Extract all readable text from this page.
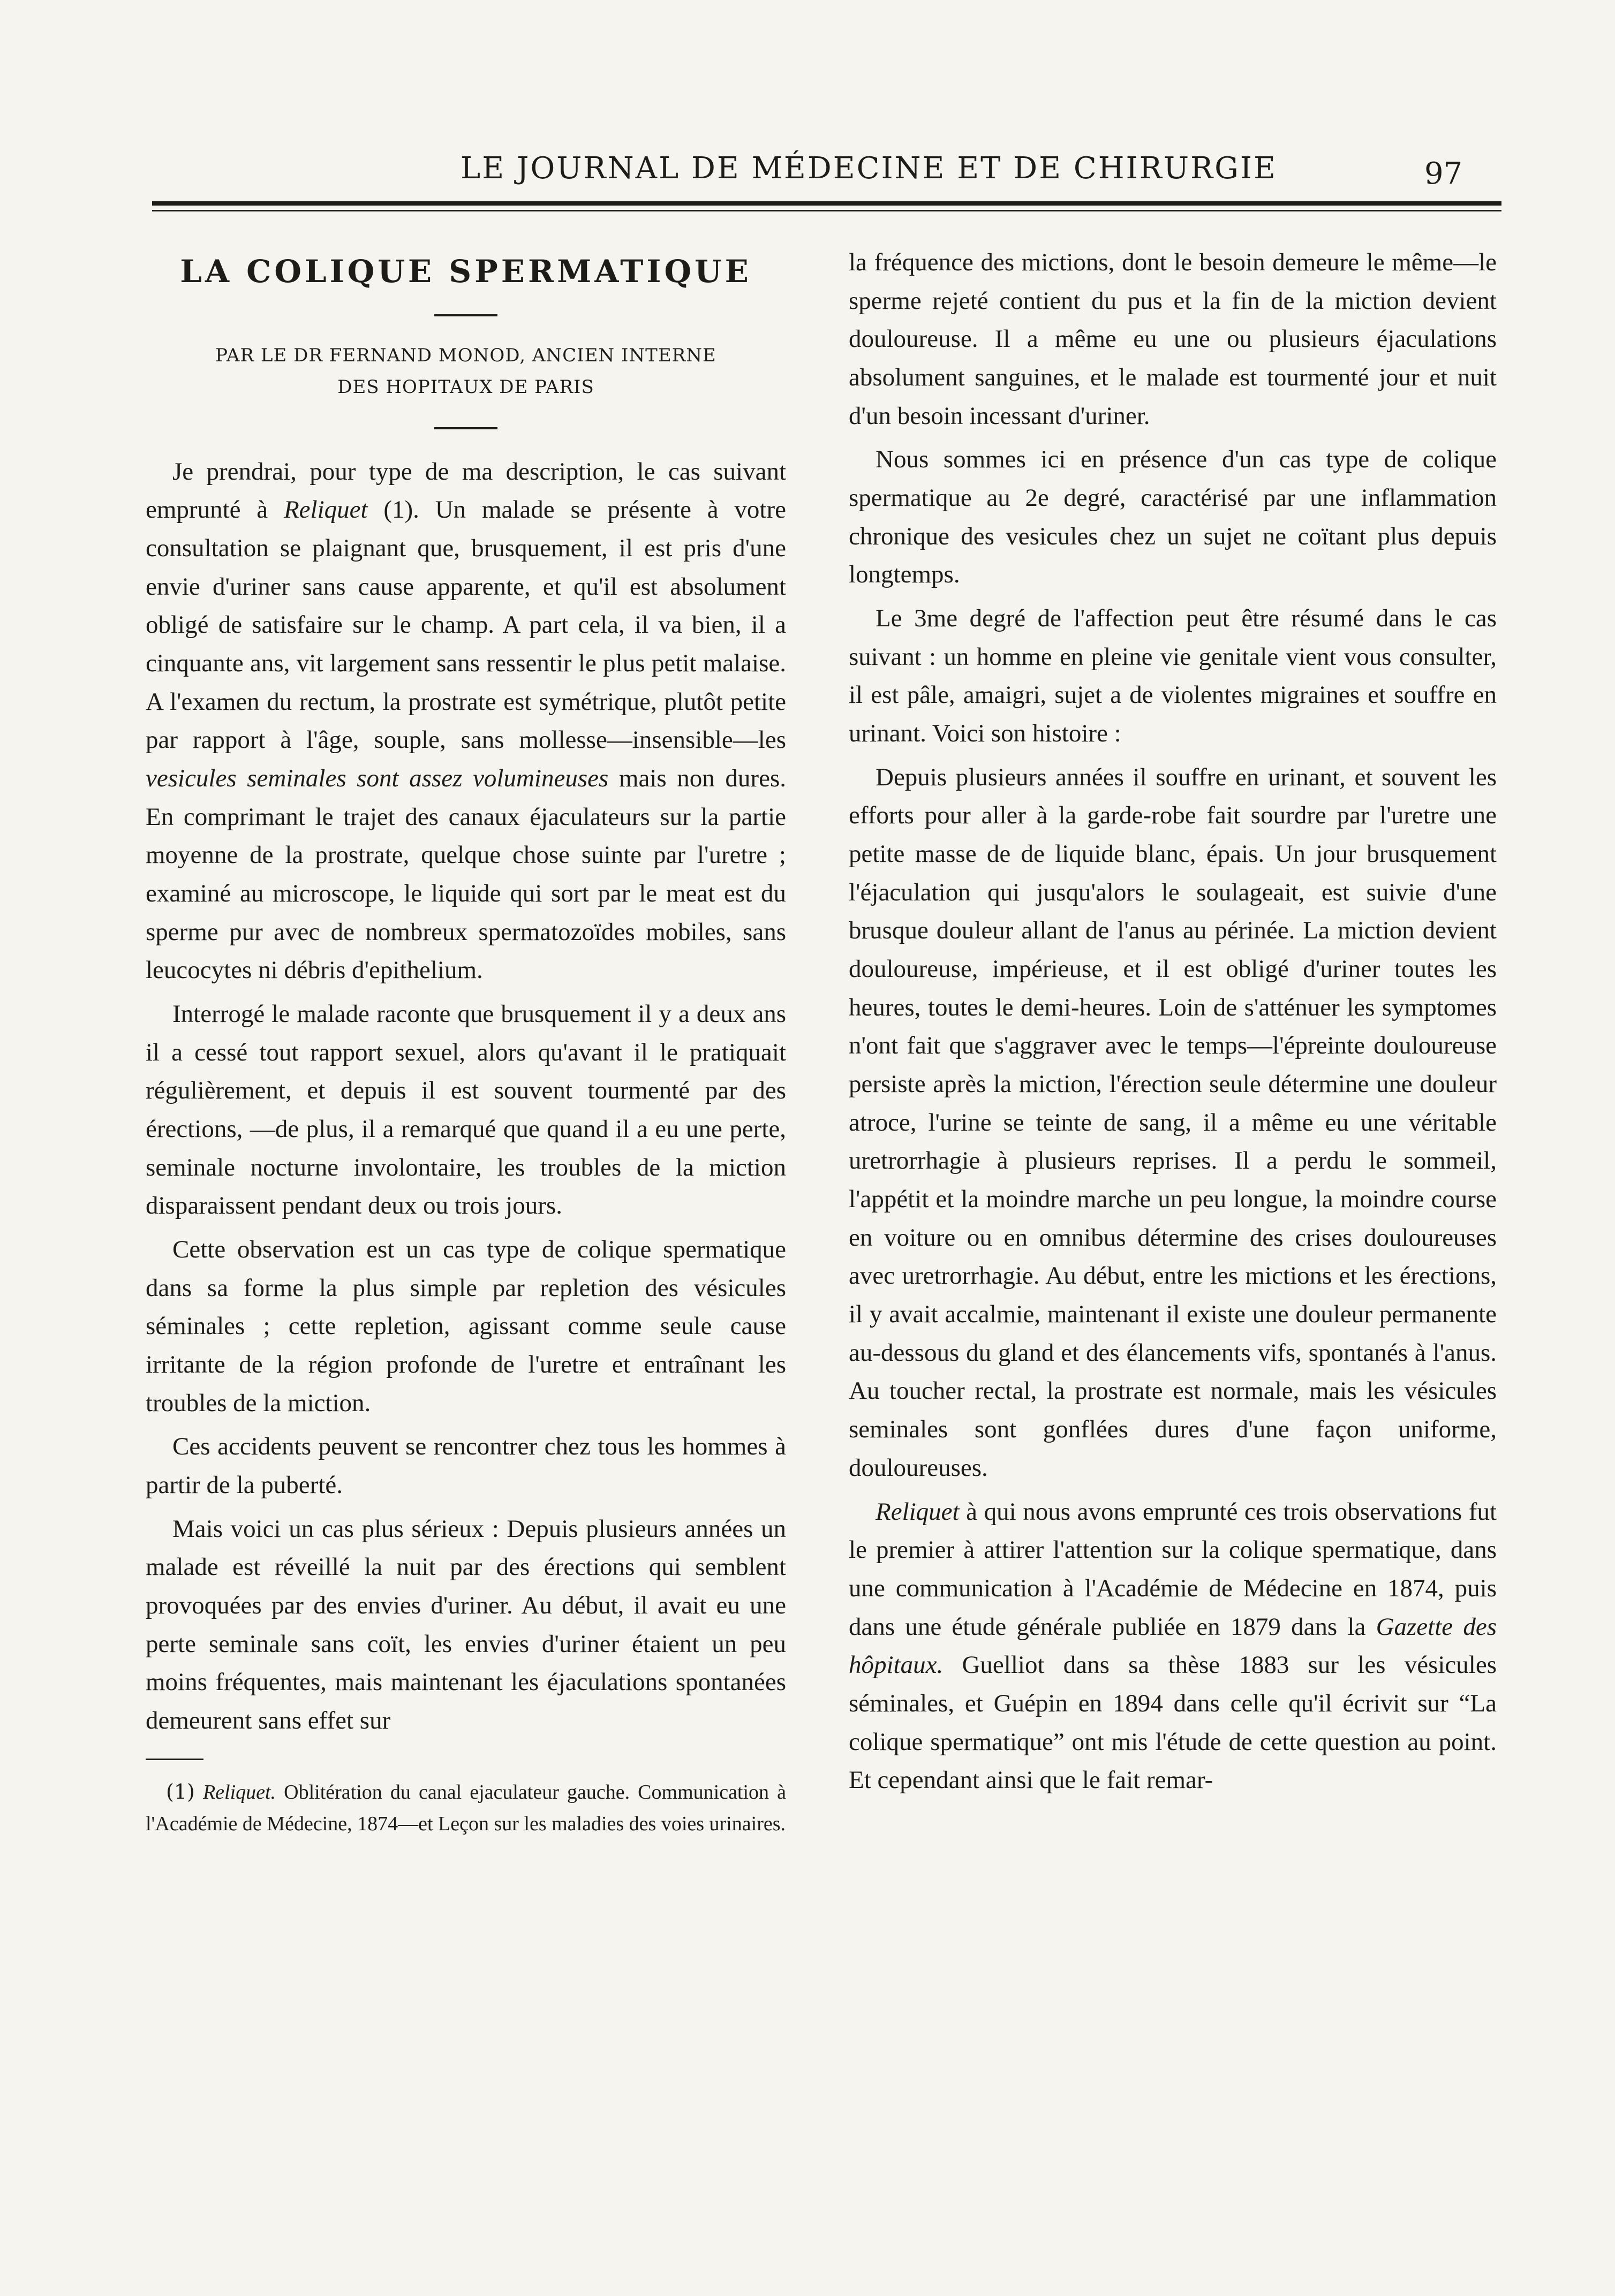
LE JOURNAL DE MÉDECINE ET DE CHIRURGIE	97
LA COLIQUE SPERMATIQUE
PAR LE DR FERNAND MONOD, ANCIEN INTERNE
DES HOPITAUX DE PARIS

Je prendrai, pour type de ma description, le cas suivant emprunté à Reliquet (1). Un malade se présente à votre consultation se plaignant que, brusquement, il est pris d'une envie d'uriner sans cause apparente, et qu'il est absolument obligé de satisfaire sur le champ. A part cela, il va bien, il a cinquante ans, vit largement sans ressentir le plus petit malaise. A l'examen du rectum, la prostrate est symétrique, plutôt petite par rapport à l'âge, souple, sans mollesse—insensible—les vesicules seminales sont assez volumineuses mais non dures. En comprimant le trajet des canaux éjaculateurs sur la partie moyenne de la prostrate, quelque chose suinte par l'uretre ; examiné au microscope, le liquide qui sort par le meat est du sperme pur avec de nombreux spermatozoïdes mobiles, sans leucocytes ni débris d'epithelium.

Interrogé le malade raconte que brusquement il y a deux ans il a cessé tout rapport sexuel, alors qu'avant il le pratiquait régulièrement, et depuis il est souvent tourmenté par des érections, —de plus, il a remarqué que quand il a eu une perte, seminale nocturne involontaire, les troubles de la miction disparaissent pendant deux ou trois jours.

Cette observation est un cas type de colique spermatique dans sa forme la plus simple par repletion des vésicules séminales ; cette repletion, agissant comme seule cause irritante de la région profonde de l'uretre et entraînant les troubles de la miction.

Ces accidents peuvent se rencontrer chez tous les hommes à partir de la puberté.

Mais voici un cas plus sérieux : Depuis plusieurs années un malade est réveillé la nuit par des érections qui semblent provoquées par des envies d'uriner. Au début, il avait eu une perte seminale sans coït, les envies d'uriner étaient un peu moins fréquentes, mais maintenant les éjaculations spontanées demeurent sans effet sur

(1) Reliquet. Oblitération du canal ejaculateur gauche. Communication à l'Académie de Médecine, 1874—et Leçon sur les maladies des voies urinaires.

la fréquence des mictions, dont le besoin demeure le même—le sperme rejeté contient du pus et la fin de la miction devient douloureuse. Il a même eu une ou plusieurs éjaculations absolument sanguines, et le malade est tourmenté jour et nuit d'un besoin incessant d'uriner.

Nous sommes ici en présence d'un cas type de colique spermatique au 2e degré, caractérisé par une inflammation chronique des vesicules chez un sujet ne coïtant plus depuis longtemps.

Le 3me degré de l'affection peut être résumé dans le cas suivant : un homme en pleine vie genitale vient vous consulter, il est pâle, amaigri, sujet a de violentes migraines et souffre en urinant. Voici son histoire :

Depuis plusieurs années il souffre en urinant, et souvent les efforts pour aller à la garde-robe fait sourdre par l'uretre une petite masse de de liquide blanc, épais. Un jour brusquement l'éjaculation qui jusqu'alors le soulageait, est suivie d'une brusque douleur allant de l'anus au périnée. La miction devient douloureuse, impérieuse, et il est obligé d'uriner toutes les heures, toutes le demi-heures. Loin de s'atténuer les symptomes n'ont fait que s'aggraver avec le temps—l'épreinte douloureuse persiste après la miction, l'érection seule détermine une douleur atroce, l'urine se teinte de sang, il a même eu une véritable uretrorrhagie à plusieurs reprises. Il a perdu le sommeil, l'appétit et la moindre marche un peu longue, la moindre course en voiture ou en omnibus détermine des crises douloureuses avec uretrorrhagie. Au début, entre les mictions et les érections, il y avait accalmie, maintenant il existe une douleur permanente au-dessous du gland et des élancements vifs, spontanés à l'anus. Au toucher rectal, la prostrate est normale, mais les vésicules seminales sont gonflées dures d'une façon uniforme, douloureuses.

Reliquet à qui nous avons emprunté ces trois observations fut le premier à attirer l'attention sur la colique spermatique, dans une communication à l'Académie de Médecine en 1874, puis dans une étude générale publiée en 1879 dans la Gazette des hôpitaux. Guelliot dans sa thèse 1883 sur les vésicules séminales, et Guépin en 1894 dans celle qu'il écrivit sur “La colique spermatique” ont mis l'étude de cette question au point. Et cependant ainsi que le fait remar-
